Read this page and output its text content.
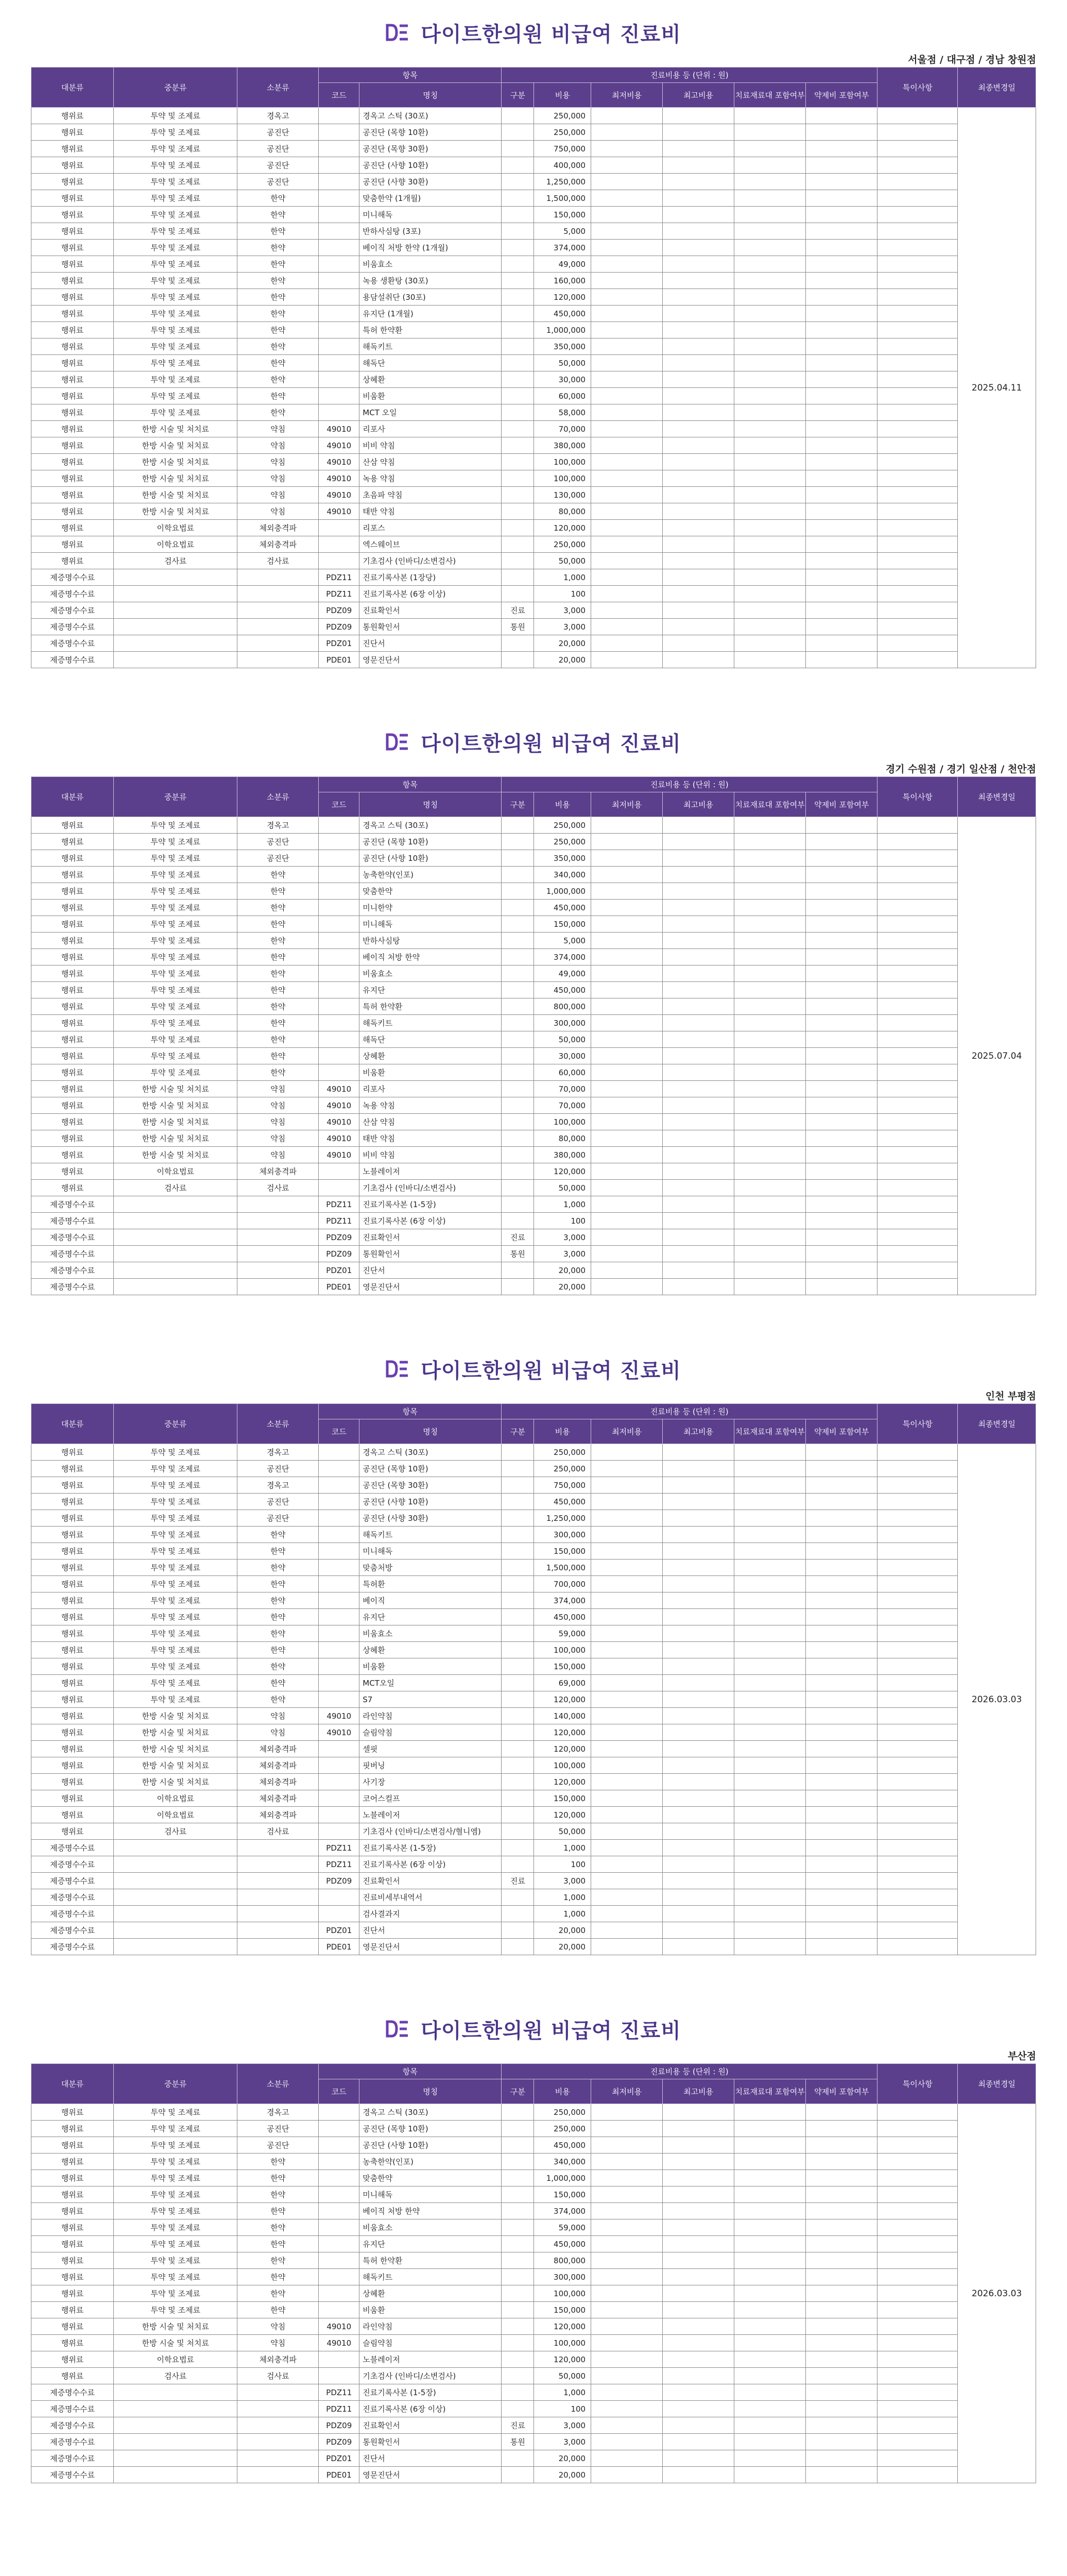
다이트한의원 비급여 진료비
서울점 / 대구점 / 경남 창원점
대분류	중분류	소분류	항목		진료비용 등 (단위 : 원)						특이사항	최종변경일
			코드	명칭	구분	비용	최저비용	최고비용	치료재료대 포함여부	약제비 포함여부		
행위료	투약 및 조제료	경옥고		경옥고 스틱 (30포)		250,000						2025.04.11
행위료	투약 및 조제료	공진단		공진단 (목향 10환)		250,000						
행위료	투약 및 조제료	공진단		공진단 (목향 30환)		750,000						
행위료	투약 및 조제료	공진단		공진단 (사향 10환)		400,000						
행위료	투약 및 조제료	공진단		공진단 (사향 30환)		1,250,000						
행위료	투약 및 조제료	한약		맞춤한약 (1개월)		1,500,000						
행위료	투약 및 조제료	한약		미니해독		150,000						
행위료	투약 및 조제료	한약		반하사심탕 (3포)		5,000						
행위료	투약 및 조제료	한약		베이직 처방 한약 (1개월)		374,000						
행위료	투약 및 조제료	한약		비움효소		49,000						
행위료	투약 및 조제료	한약		녹용 생환탕 (30포)		160,000						
행위료	투약 및 조제료	한약		용담설취단 (30포)		120,000						
행위료	투약 및 조제료	한약		유지단 (1개월)		450,000						
행위료	투약 및 조제료	한약		특허 한약환		1,000,000						
행위료	투약 및 조제료	한약		해독키트		350,000						
행위료	투약 및 조제료	한약		해독단		50,000						
행위료	투약 및 조제료	한약		상혜환		30,000						
행위료	투약 및 조제료	한약		비움환		60,000						
행위료	투약 및 조제료	한약		MCT 오일		58,000						
행위료	한방 시술 및 처치료	약침	49010	리포사		70,000						
행위료	한방 시술 및 처치료	약침	49010	비비 약침		380,000						
행위료	한방 시술 및 처치료	약침	49010	산삼 약침		100,000						
행위료	한방 시술 및 처치료	약침	49010	녹용 약침		100,000						
행위료	한방 시술 및 처치료	약침	49010	초음파 약침		130,000						
행위료	한방 시술 및 처치료	약침	49010	태반 약침		80,000						
행위료	이학요법료	체외충격파		리포스		120,000						
행위료	이학요법료	체외충격파		엑스웨이브		250,000						
행위료	검사료	검사료		기초검사 (인바디/소변검사)		50,000						
제증명수수료			PDZ11	진료기록사본 (1장당)		1,000						
제증명수수료			PDZ11	진료기록사본 (6장 이상)		100						
제증명수수료			PDZ09	진료확인서	진료	3,000						
제증명수수료			PDZ09	통원확인서	통원	3,000						
제증명수수료			PDZ01	진단서		20,000						
제증명수수료			PDE01	영문진단서		20,000						
다이트한의원 비급여 진료비
경기 수원점 / 경기 일산점 / 천안점
대분류	중분류	소분류	항목		진료비용 등 (단위 : 원)						특이사항	최종변경일
			코드	명칭	구분	비용	최저비용	최고비용	치료재료대 포함여부	약제비 포함여부		
행위료	투약 및 조제료	경옥고		경옥고 스틱 (30포)		250,000						2025.07.04
행위료	투약 및 조제료	공진단		공진단 (목향 10환)		250,000						
행위료	투약 및 조제료	공진단		공진단 (사향 10환)		350,000						
행위료	투약 및 조제료	한약		농축한약(인포)		340,000						
행위료	투약 및 조제료	한약		맞춤한약		1,000,000						
행위료	투약 및 조제료	한약		미니한약		450,000						
행위료	투약 및 조제료	한약		미니해독		150,000						
행위료	투약 및 조제료	한약		반하사심탕		5,000						
행위료	투약 및 조제료	한약		베이직 처방 한약		374,000						
행위료	투약 및 조제료	한약		비움효소		49,000						
행위료	투약 및 조제료	한약		유지단		450,000						
행위료	투약 및 조제료	한약		특허 한약환		800,000						
행위료	투약 및 조제료	한약		해독키트		300,000						
행위료	투약 및 조제료	한약		해독단		50,000						
행위료	투약 및 조제료	한약		상혜환		30,000						
행위료	투약 및 조제료	한약		비움환		60,000						
행위료	한방 시술 및 처치료	약침	49010	리포사		70,000						
행위료	한방 시술 및 처치료	약침	49010	녹용 약침		70,000						
행위료	한방 시술 및 처치료	약침	49010	산삼 약침		100,000						
행위료	한방 시술 및 처치료	약침	49010	태반 약침		80,000						
행위료	한방 시술 및 처치료	약침	49010	비비 약침		380,000						
행위료	이학요법료	체외충격파		노블레이저		120,000						
행위료	검사료	검사료		기초검사 (인바디/소변검사)		50,000						
제증명수수료			PDZ11	진료기록사본 (1-5장)		1,000						
제증명수수료			PDZ11	진료기록사본 (6장 이상)		100						
제증명수수료			PDZ09	진료확인서	진료	3,000						
제증명수수료			PDZ09	통원확인서	통원	3,000						
제증명수수료			PDZ01	진단서		20,000						
제증명수수료			PDE01	영문진단서		20,000						
다이트한의원 비급여 진료비
인천 부평점
대분류	중분류	소분류	항목		진료비용 등 (단위 : 원)						특이사항	최종변경일
			코드	명칭	구분	비용	최저비용	최고비용	치료재료대 포함여부	약제비 포함여부		
행위료	투약 및 조제료	경옥고		경옥고 스틱 (30포)		250,000						2026.03.03
행위료	투약 및 조제료	공진단		공진단 (목향 10환)		250,000						
행위료	투약 및 조제료	경옥고		공진단 (목향 30환)		750,000						
행위료	투약 및 조제료	공진단		공진단 (사향 10환)		450,000						
행위료	투약 및 조제료	공진단		공진단 (사향 30환)		1,250,000						
행위료	투약 및 조제료	한약		해독키트		300,000						
행위료	투약 및 조제료	한약		미니해독		150,000						
행위료	투약 및 조제료	한약		맞춤처방		1,500,000						
행위료	투약 및 조제료	한약		특허환		700,000						
행위료	투약 및 조제료	한약		베이직		374,000						
행위료	투약 및 조제료	한약		유지단		450,000						
행위료	투약 및 조제료	한약		비움효소		59,000						
행위료	투약 및 조제료	한약		상혜환		100,000						
행위료	투약 및 조제료	한약		비움환		150,000						
행위료	투약 및 조제료	한약		MCT오일		69,000						
행위료	투약 및 조제료	한약		S7		120,000						
행위료	한방 시술 및 처치료	약침	49010	라인약침		140,000						
행위료	한방 시술 및 처치료	약침	49010	슬림약침		120,000						
행위료	한방 시술 및 처치료	체외충격파		셀핏		120,000						
행위료	한방 시술 및 처치료	체외충격파		핏버닝		100,000						
행위료	한방 시술 및 처치료	체외충격파		사기장		120,000						
행위료	이학요법료	체외충격파		코어스컬프		150,000						
행위료	이학요법료	체외충격파		노블레이저		120,000						
행위료	검사료	검사료		기초검사 (인바디/소변검사/혈니엠)		50,000						
제증명수수료			PDZ11	진료기록사본 (1-5장)		1,000						
제증명수수료			PDZ11	진료기록사본 (6장 이상)		100						
제증명수수료			PDZ09	진료확인서	진료	3,000						
제증명수수료				진료비세부내역서		1,000						
제증명수수료				검사결과지		1,000						
제증명수수료			PDZ01	진단서		20,000						
제증명수수료			PDE01	영문진단서		20,000						
다이트한의원 비급여 진료비
부산점
대분류	중분류	소분류	항목		진료비용 등 (단위 : 원)						특이사항	최종변경일
			코드	명칭	구분	비용	최저비용	최고비용	치료재료대 포함여부	약제비 포함여부		
행위료	투약 및 조제료	경옥고		경옥고 스틱 (30포)		250,000						2026.03.03
행위료	투약 및 조제료	공진단		공진단 (목향 10환)		250,000						
행위료	투약 및 조제료	공진단		공진단 (사향 10환)		450,000						
행위료	투약 및 조제료	한약		농축한약(인포)		340,000						
행위료	투약 및 조제료	한약		맞춤한약		1,000,000						
행위료	투약 및 조제료	한약		미니해독		150,000						
행위료	투약 및 조제료	한약		베이직 처방 한약		374,000						
행위료	투약 및 조제료	한약		비움효소		59,000						
행위료	투약 및 조제료	한약		유지단		450,000						
행위료	투약 및 조제료	한약		특허 한약환		800,000						
행위료	투약 및 조제료	한약		해독키트		300,000						
행위료	투약 및 조제료	한약		상혜환		100,000						
행위료	투약 및 조제료	한약		비움환		150,000						
행위료	한방 시술 및 처치료	약침	49010	라인약침		120,000						
행위료	한방 시술 및 처치료	약침	49010	슬림약침		100,000						
행위료	이학요법료	체외충격파		노블레이저		120,000						
행위료	검사료	검사료		기초검사 (인바디/소변검사)		50,000						
제증명수수료			PDZ11	진료기록사본 (1-5장)		1,000						
제증명수수료			PDZ11	진료기록사본 (6장 이상)		100						
제증명수수료			PDZ09	진료확인서	진료	3,000						
제증명수수료			PDZ09	통원확인서	통원	3,000						
제증명수수료			PDZ01	진단서		20,000						
제증명수수료			PDE01	영문진단서		20,000						
